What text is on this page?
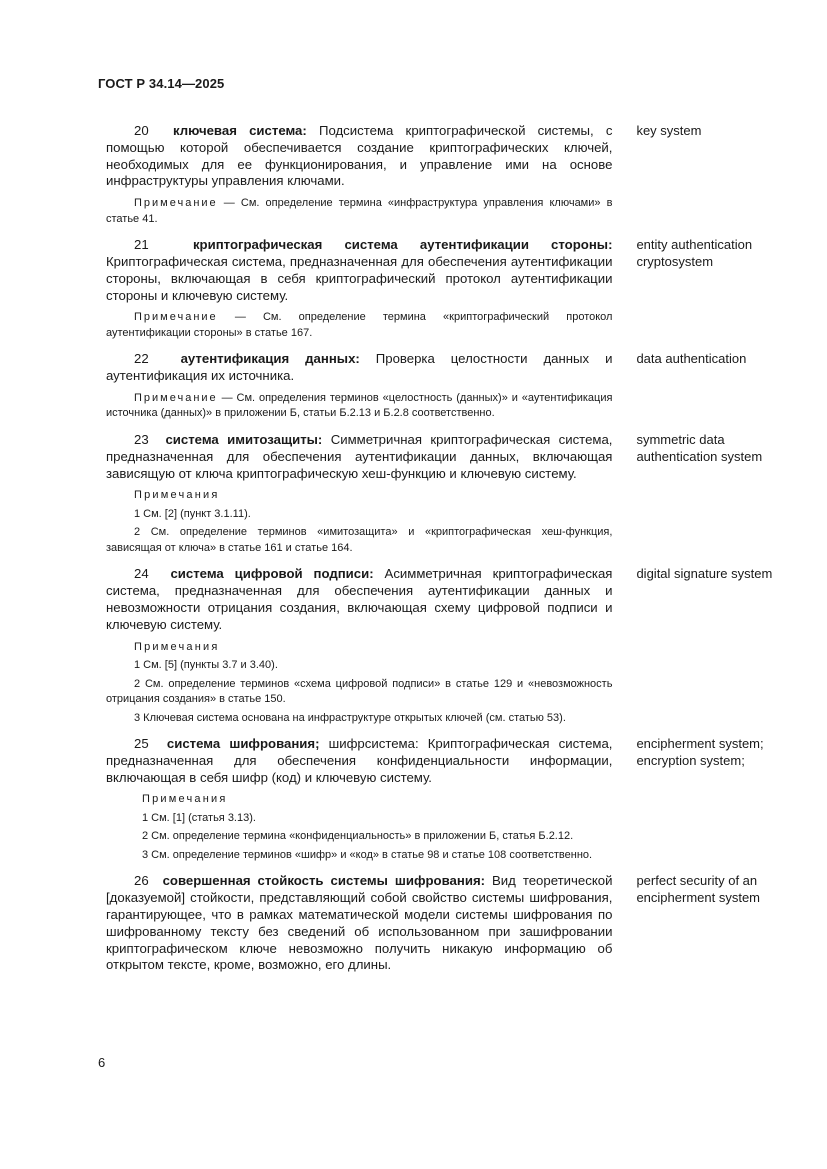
ГОСТ Р 34.14—2025

20 ключевая система: Подсистема криптографической системы, с помощью которой обеспечивается создание криптографических ключей, необходимых для ее функционирования, и управление ими на основе инфраструктуры управления ключами.

Примечание — См. определение термина «инфраструктура управления ключами» в статье 41.

key system

21	криптографическая система аутентификации стороны: Криптографическая система, предназначенная для обеспечения аутентификации стороны, включающая в себя криптографический протокол аутентификации стороны и ключевую систему.

Примечание — См. определение термина «криптографический протокол аутентификации стороны» в статье 167.

entity authentication cryptosystem

22 аутентификация данных: Проверка целостности данных и аутентификация их источника.

Примечание — См. определения терминов «целостность (данных)» и «аутентификация источника (данных)» в приложении Б, статьи Б.2.13 и Б.2.8 соответственно.

data authentication

23 система имитозащиты: Симметричная криптографическая система, предназначенная для обеспечения аутентификации данных, включающая зависящую от ключа криптографическую хеш-функцию и ключевую систему.

Примечания

1 См. [2] (пункт 3.1.11).

2 См. определение терминов «имитозащита» и «криптографическая хеш-функция, зависящая от ключа» в статье 161 и статье 164.

symmetric data authentication system

24 система цифровой подписи: Асимметричная криптографическая система, предназначенная для обеспечения аутентификации данных и невозможности отрицания создания, включающая схему цифровой подписи и ключевую систему.

Примечания

1 См. [5] (пункты 3.7 и 3.40).

2 См. определение терминов «схема цифровой подписи» в статье 129 и «невозможность отрицания создания» в статье 150.

3 Ключевая система основана на инфраструктуре открытых ключей (см. статью 53).

digital signature system

25 система шифрования; шифрсистема: Криптографическая система, предназначенная для обеспечения конфиденциальности информации, включающая в себя шифр (код) и ключевую систему.

Примечания

1 См. [1] (статья 3.13).

2 См. определение термина «конфиденциальность» в приложении Б, статья Б.2.12.

3 См. определение терминов «шифр» и «код» в статье 98 и статье 108 соответственно.

encipherment system; encryption system;

26 совершенная стойкость системы шифрования: Вид теоретической [доказуемой] стойкости, представляющий собой свойство системы шифрования, гарантирующее, что в рамках математической модели системы шифрования по шифрованному тексту без сведений об использованном при зашифровании криптографическом ключе невозможно получить никакую информацию об открытом тексте, кроме, возможно, его длины.

perfect security of an encipherment system
6
